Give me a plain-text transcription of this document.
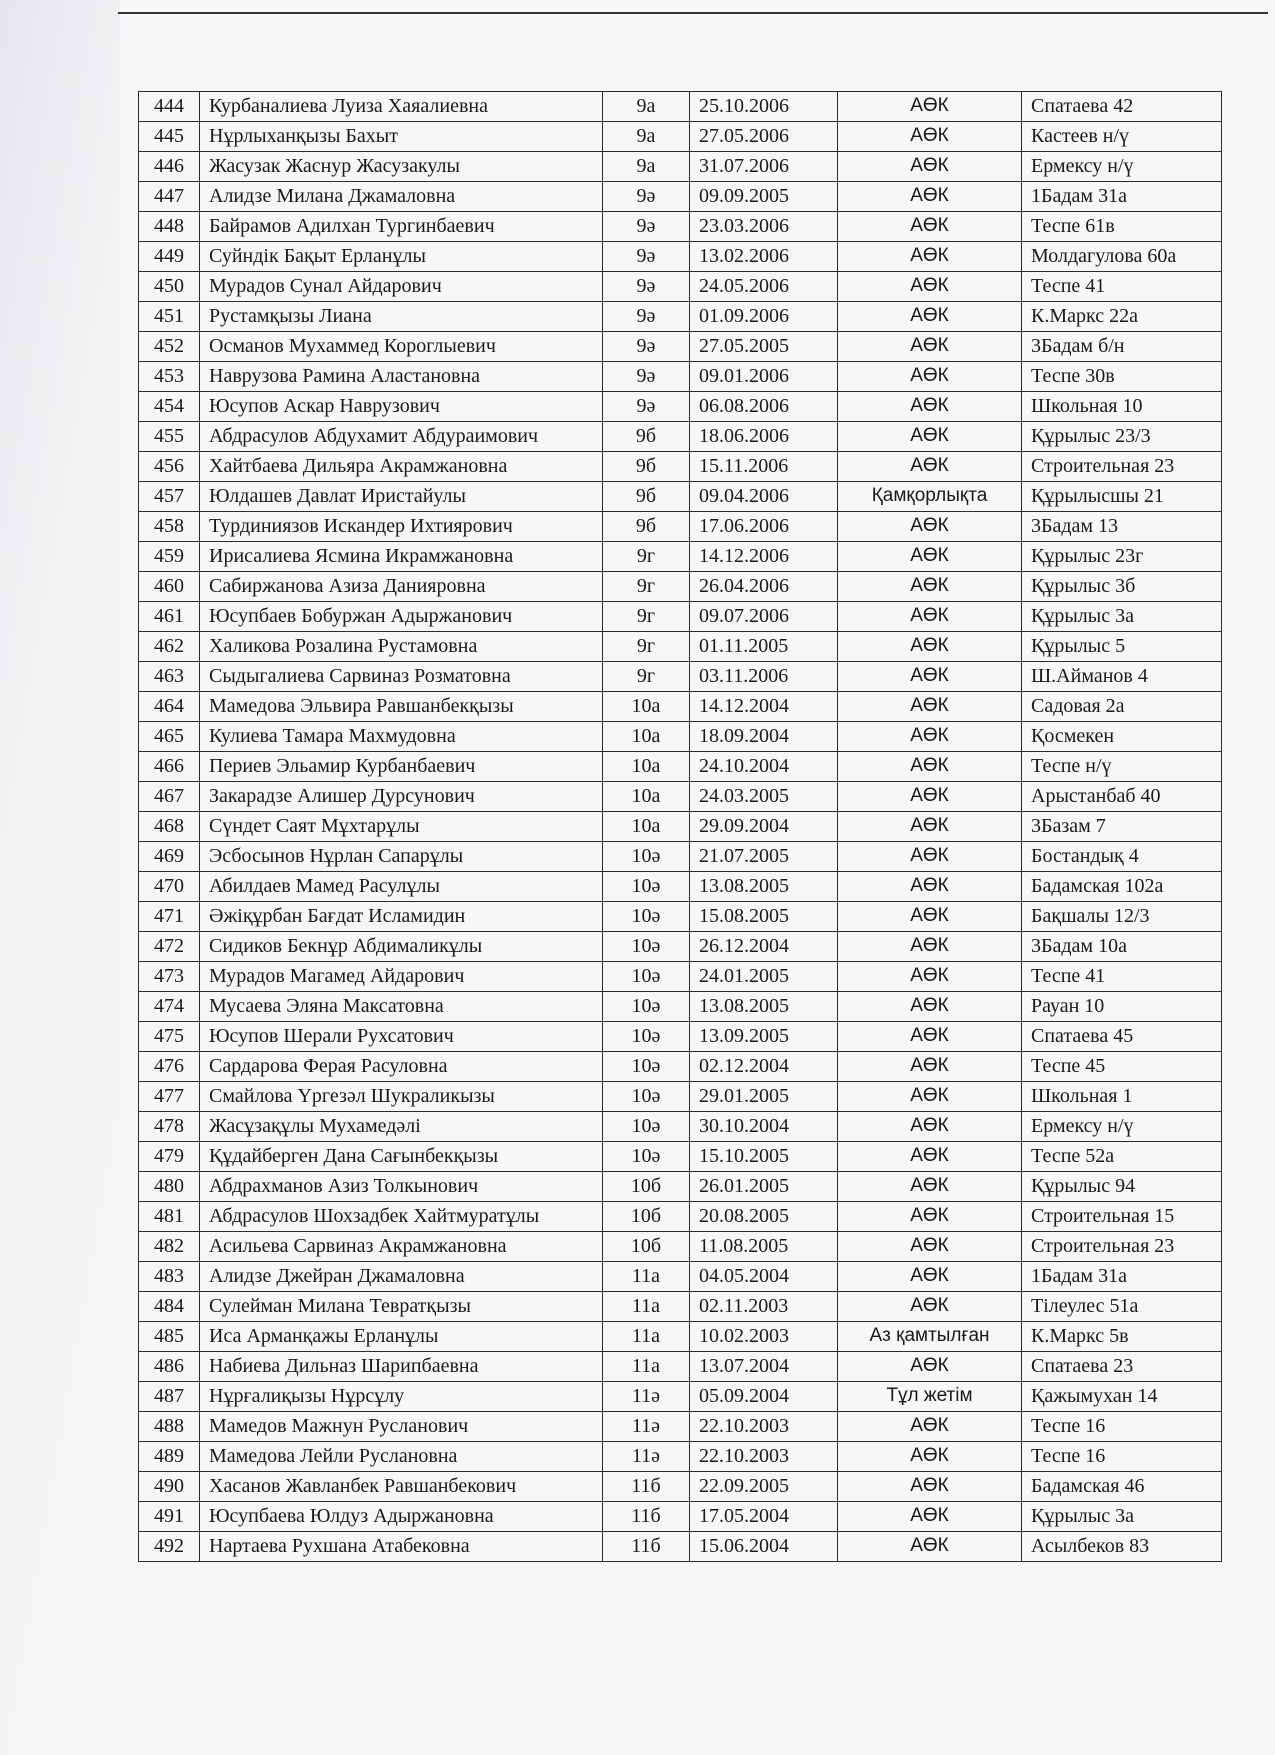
444	Курбаналиева Луиза Хаяалиевна	9а	25.10.2006	АӨК	Спатаева 42
445	Нұрлыханқызы Бахыт	9а	27.05.2006	АӨК	Кастеев н/ү
446	Жасузак Жаснур Жасузакулы	9а	31.07.2006	АӨК	Ермексу н/ү
447	Алидзе Милана Джамаловна	9ә	09.09.2005	АӨК	1Бадам 31а
448	Байрамов Адилхан Тургинбаевич	9ә	23.03.2006	АӨК	Теспе 61в
449	Суйндік Бақыт Ерланұлы	9ә	13.02.2006	АӨК	Молдагулова 60а
450	Мурадов Сунал Айдарович	9ә	24.05.2006	АӨК	Теспе 41
451	Рустамқызы Лиана	9ә	01.09.2006	АӨК	К.Маркс 22а
452	Османов Мухаммед Короглыевич	9ә	27.05.2005	АӨК	3Бадам б/н
453	Наврузова Рамина Аластановна	9ә	09.01.2006	АӨК	Теспе 30в
454	Юсупов Аскар Наврузович	9ә	06.08.2006	АӨК	Школьная 10
455	Абдрасулов Абдухамит Абдураимович	9б	18.06.2006	АӨК	Құрылыс 23/3
456	Хайтбаева Дильяра Акрамжановна	9б	15.11.2006	АӨК	Строительная 23
457	Юлдашев Давлат Иристайулы	9б	09.04.2006	Қамқорлықта	Құрылысшы 21
458	Турдиниязов Искандер Ихтиярович	9б	17.06.2006	АӨК	3Бадам 13
459	Ирисалиева Ясмина Икрамжановна	9г	14.12.2006	АӨК	Құрылыс 23г
460	Сабиржанова Азиза Данияровна	9г	26.04.2006	АӨК	Құрылыс 3б
461	Юсупбаев Бобуржан Адыржанович	9г	09.07.2006	АӨК	Құрылыс 3а
462	Халикова Розалина Рустамовна	9г	01.11.2005	АӨК	Құрылыс 5
463	Сыдыгалиева Сарвиназ Розматовна	9г	03.11.2006	АӨК	Ш.Айманов 4
464	Мамедова Эльвира Равшанбекқызы	10а	14.12.2004	АӨК	Садовая 2а
465	Кулиева Тамара Махмудовна	10а	18.09.2004	АӨК	Қосмекен
466	Периев Эльамир Курбанбаевич	10а	24.10.2004	АӨК	Теспе н/ү
467	Закарадзе Алишер Дурсунович	10а	24.03.2005	АӨК	Арыстанбаб 40
468	Сүндет Саят Мұхтарұлы	10а	29.09.2004	АӨК	3Базам 7
469	Эсбосынов Нұрлан Сапарұлы	10ә	21.07.2005	АӨК	Бостандық 4
470	Абилдаев Мамед Расулұлы	10ә	13.08.2005	АӨК	Бадамская 102а
471	Әжіқұрбан Бағдат Исламидин	10ә	15.08.2005	АӨК	Бақшалы 12/3
472	Сидиков Бекнұр Абдималикұлы	10ә	26.12.2004	АӨК	3Бадам 10а
473	Мурадов Магамед Айдарович	10ә	24.01.2005	АӨК	Теспе 41
474	Мусаева Эляна Максатовна	10ә	13.08.2005	АӨК	Рауан 10
475	Юсупов Шерали Рухсатович	10ә	13.09.2005	АӨК	Спатаева 45
476	Сардарова Ферая Расуловна	10ә	02.12.2004	АӨК	Теспе 45
477	Смайлова Үргезәл Шукраликызы	10ә	29.01.2005	АӨК	Школьная 1
478	Жасұзақұлы Мухамедәлі	10ә	30.10.2004	АӨК	Ермексу н/ү
479	Құдайберген Дана Сағынбекқызы	10ә	15.10.2005	АӨК	Теспе 52а
480	Абдрахманов Азиз Толкынович	10б	26.01.2005	АӨК	Құрылыс 94
481	Абдрасулов Шохзадбек Хайтмуратұлы	10б	20.08.2005	АӨК	Строительная 15
482	Асильева Сарвиназ Акрамжановна	10б	11.08.2005	АӨК	Строительная 23
483	Алидзе Джейран Джамаловна	11а	04.05.2004	АӨК	1Бадам 31а
484	Сулейман Милана Тевратқызы	11а	02.11.2003	АӨК	Тілеулес 51а
485	Иса Арманқажы Ерланұлы	11а	10.02.2003	Аз қамтылған	К.Маркс 5в
486	Набиева Дильназ Шарипбаевна	11а	13.07.2004	АӨК	Спатаева 23
487	Нұрғалиқызы Нұрсұлу	11ә	05.09.2004	Тұл жетім	Қажымухан 14
488	Мамедов Мажнун Русланович	11ә	22.10.2003	АӨК	Теспе 16
489	Мамедова Лейли Руслановна	11ә	22.10.2003	АӨК	Теспе 16
490	Хасанов Жавланбек Равшанбекович	11б	22.09.2005	АӨК	Бадамская 46
491	Юсупбаева Юлдуз Адыржановна	11б	17.05.2004	АӨК	Құрылыс 3а
492	Нартаева Рухшана Атабековна	11б	15.06.2004	АӨК	Асылбеков 83
